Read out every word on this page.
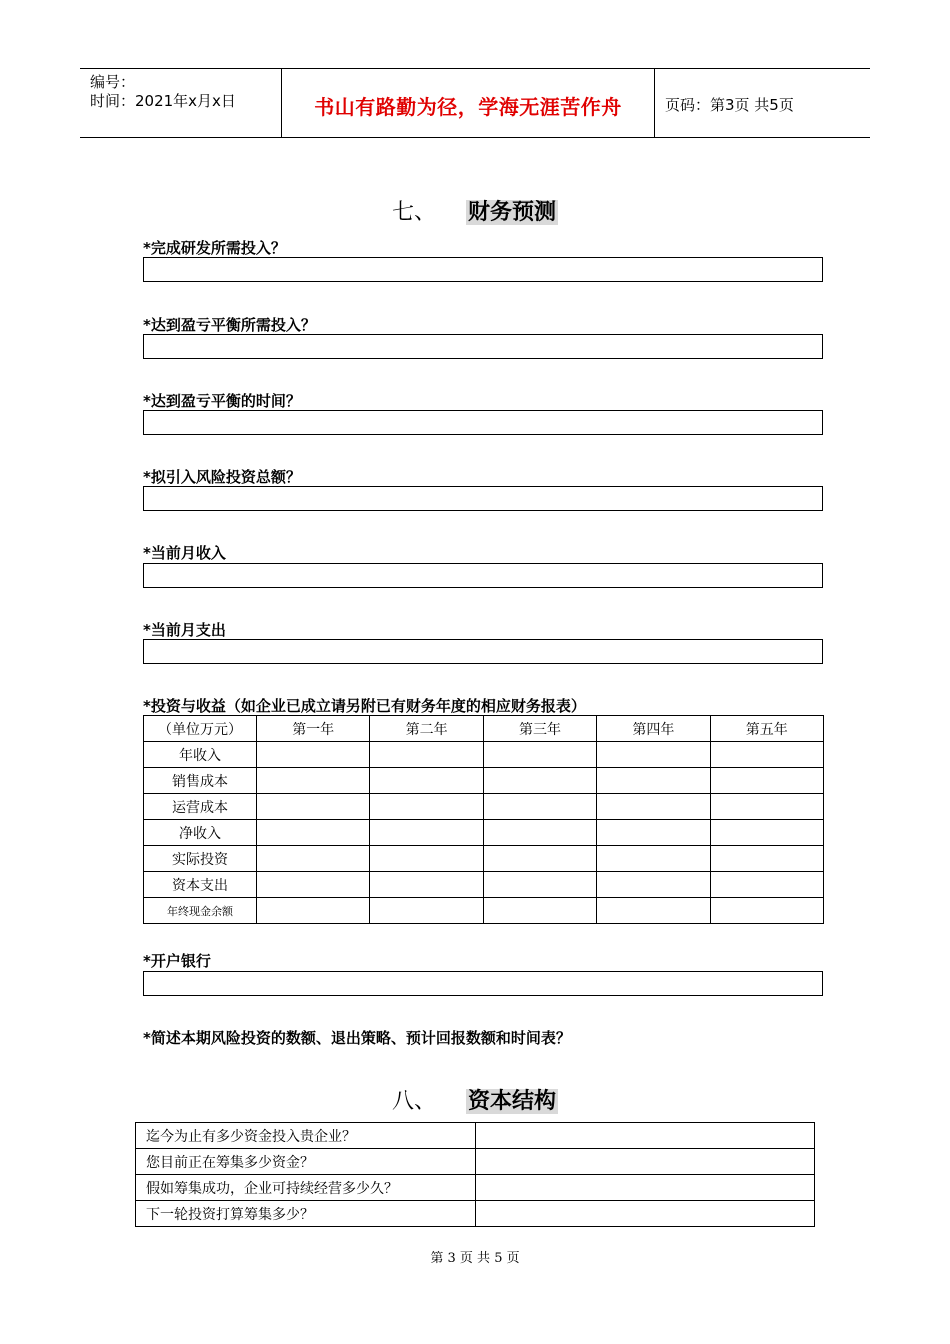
编号：
时间：2021年x月x日	书山有路勤为径，学海无涯苦作舟	页码：第3页 共5页
七、 财务预测
*完成研发所需投入？
*达到盈亏平衡所需投入？
*达到盈亏平衡的时间？
*拟引入风险投资总额？
*当前月收入
*当前月支出
*投资与收益（如企业已成立请另附已有财务年度的相应财务报表）
（单位万元）	第一年	第二年	第三年	第四年	第五年
年收入					
销售成本					
运营成本					
净收入					
实际投资					
资本支出					
年终现金余额					
*开户银行
*简述本期风险投资的数额、退出策略、预计回报数额和时间表？
八、 资本结构
迄今为止有多少资金投入贵企业？	
您目前正在筹集多少资金？	
假如筹集成功，企业可持续经营多少久？	
下一轮投资打算筹集多少？	
第 3 页 共 5 页
